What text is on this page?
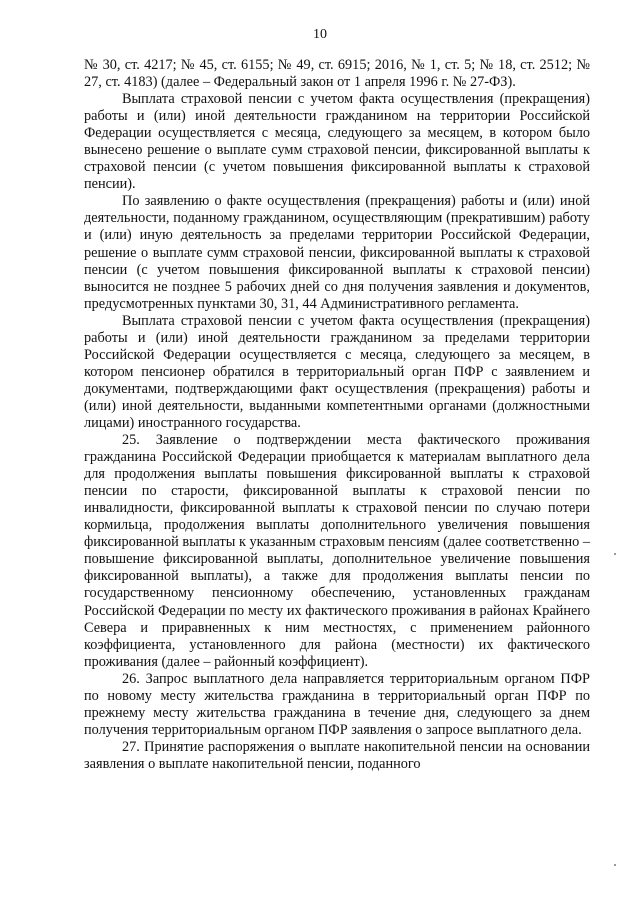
10

№ 30, ст. 4217; № 45, ст. 6155; № 49, ст. 6915; 2016, № 1, ст. 5; № 18, ст. 2512; № 27, ст. 4183) (далее – Федеральный закон от 1 апреля 1996 г. № 27-ФЗ).

Выплата страховой пенсии с учетом факта осуществления (прекращения) работы и (или) иной деятельности гражданином на территории Российской Федерации осуществляется с месяца, следующего за месяцем, в котором было вынесено решение о выплате сумм страховой пенсии, фиксированной выплаты к страховой пенсии (с учетом повышения фиксированной выплаты к страховой пенсии).

По заявлению о факте осуществления (прекращения) работы и (или) иной деятельности, поданному гражданином, осуществляющим (прекратившим) работу и (или) иную деятельность за пределами территории Российской Федерации, решение о выплате сумм страховой пенсии, фиксированной выплаты к страховой пенсии (с учетом повышения фиксированной выплаты к страховой пенсии) выносится не позднее 5 рабочих дней со дня получения заявления и документов, предусмотренных пунктами 30, 31, 44 Административного регламента.

Выплата страховой пенсии с учетом факта осуществления (прекращения) работы и (или) иной деятельности гражданином за пределами территории Российской Федерации осуществляется с месяца, следующего за месяцем, в котором пенсионер обратился в территориальный орган ПФР с заявлением и документами, подтверждающими факт осуществления (прекращения) работы и (или) иной деятельности, выданными компетентными органами (должностными лицами) иностранного государства.

25. Заявление о подтверждении места фактического проживания гражданина Российской Федерации приобщается к материалам выплатного дела для продолжения выплаты повышения фиксированной выплаты к страховой пенсии по старости, фиксированной выплаты к страховой пенсии по инвалидности, фиксированной выплаты к страховой пенсии по случаю потери кормильца, продолжения выплаты дополнительного увеличения повышения фиксированной выплаты к указанным страховым пенсиям (далее соответственно – повышение фиксированной выплаты, дополнительное увеличение повышения фиксированной выплаты), а также для продолжения выплаты пенсии по государственному пенсионному обеспечению, установленных гражданам Российской Федерации по месту их фактического проживания в районах Крайнего Севера и приравненных к ним местностях, с применением районного коэффициента, установленного для района (местности) их фактического проживания (далее – районный коэффициент).

26. Запрос выплатного дела направляется территориальным органом ПФР по новому месту жительства гражданина в территориальный орган ПФР по прежнему месту жительства гражданина в течение дня, следующего за днем получения территориальным органом ПФР заявления о запросе выплатного дела.

27. Принятие распоряжения о выплате накопительной пенсии на основании заявления о выплате накопительной пенсии, поданного
